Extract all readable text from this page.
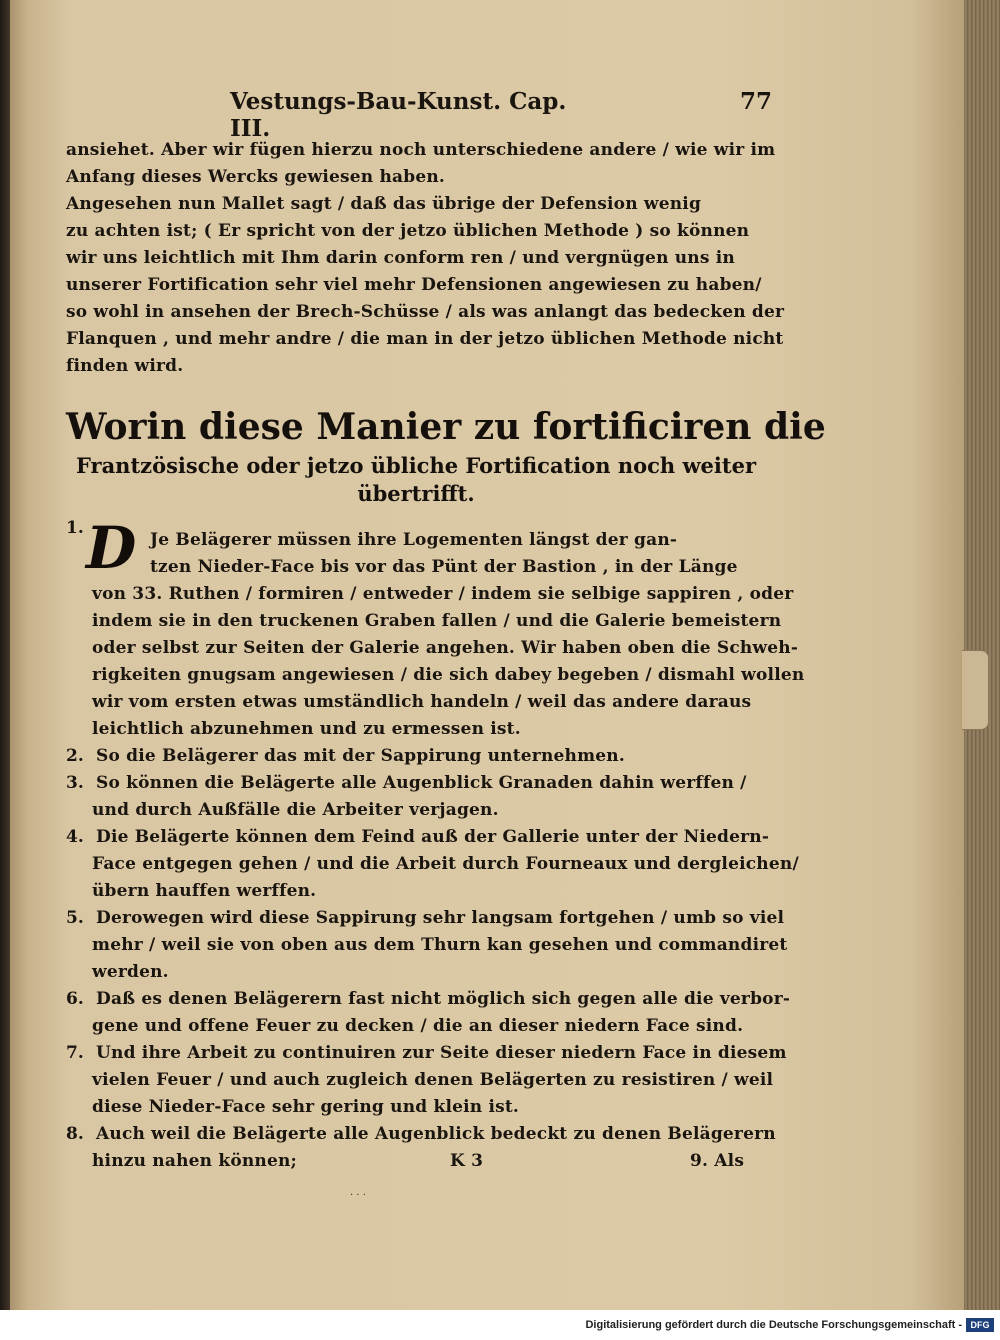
Vestungs-Bau-Kunst. Cap. III.
77
ansiehet. Aber wir fügen hierzu noch unterschiedene andere / wie wir im
Anfang dieses Wercks gewiesen haben.
Angesehen nun Mallet sagt / daß das übrige der Defension wenig
zu achten ist; ( Er spricht von der jetzo üblichen Methode ) so können
wir uns leichtlich mit Ihm darin conform ren / und vergnügen uns in
unserer Fortification sehr viel mehr Defensionen angewiesen zu haben/
so wohl in ansehen der Brech-Schüsse / als was anlangt das bedecken der
Flanquen , und mehr andre / die man in der jetzo üblichen Methode nicht
finden wird.
Worin diese Manier zu fortificiren die
Frantzösische oder jetzo übliche Fortification noch weiter
übertrifft.
1. D Je Belägerer müssen ihre Logementen längst der gan-
tzen Nieder-Face bis vor das Pünt der Bastion , in der Länge
von 33. Ruthen / formiren / entweder / indem sie selbige sappiren , oder
indem sie in den truckenen Graben fallen / und die Galerie bemeistern
oder selbst zur Seiten der Galerie angehen. Wir haben oben die Schweh-
rigkeiten gnugsam angewiesen / die sich dabey begeben / dismahl wollen
wir vom ersten etwas umständlich handeln / weil das andere daraus
leichtlich abzunehmen und zu ermessen ist.
2. So die Belägerer das mit der Sappirung unternehmen.
3. So können die Belägerte alle Augenblick Granaden dahin werffen /
und durch Außfälle die Arbeiter verjagen.
4. Die Belägerte können dem Feind auß der Gallerie unter der Niedern-
Face entgegen gehen / und die Arbeit durch Fourneaux und dergleichen/
übern hauffen werffen.
5. Derowegen wird diese Sappirung sehr langsam fortgehen / umb so viel
mehr / weil sie von oben aus dem Thurn kan gesehen und commandiret
werden.
6. Daß es denen Belägerern fast nicht möglich sich gegen alle die verbor-
gene und offene Feuer zu decken / die an dieser niedern Face sind.
7. Und ihre Arbeit zu continuiren zur Seite dieser niedern Face in diesem
vielen Feuer / und auch zugleich denen Belägerten zu resistiren / weil
diese Nieder-Face sehr gering und klein ist.
8. Auch weil die Belägerte alle Augenblick bedeckt zu denen Belägerern
hinzu nahen können;	K 3	9. Als
· · ·
Digitalisierung gefördert durch die Deutsche Forschungsgemeinschaft - DFG
